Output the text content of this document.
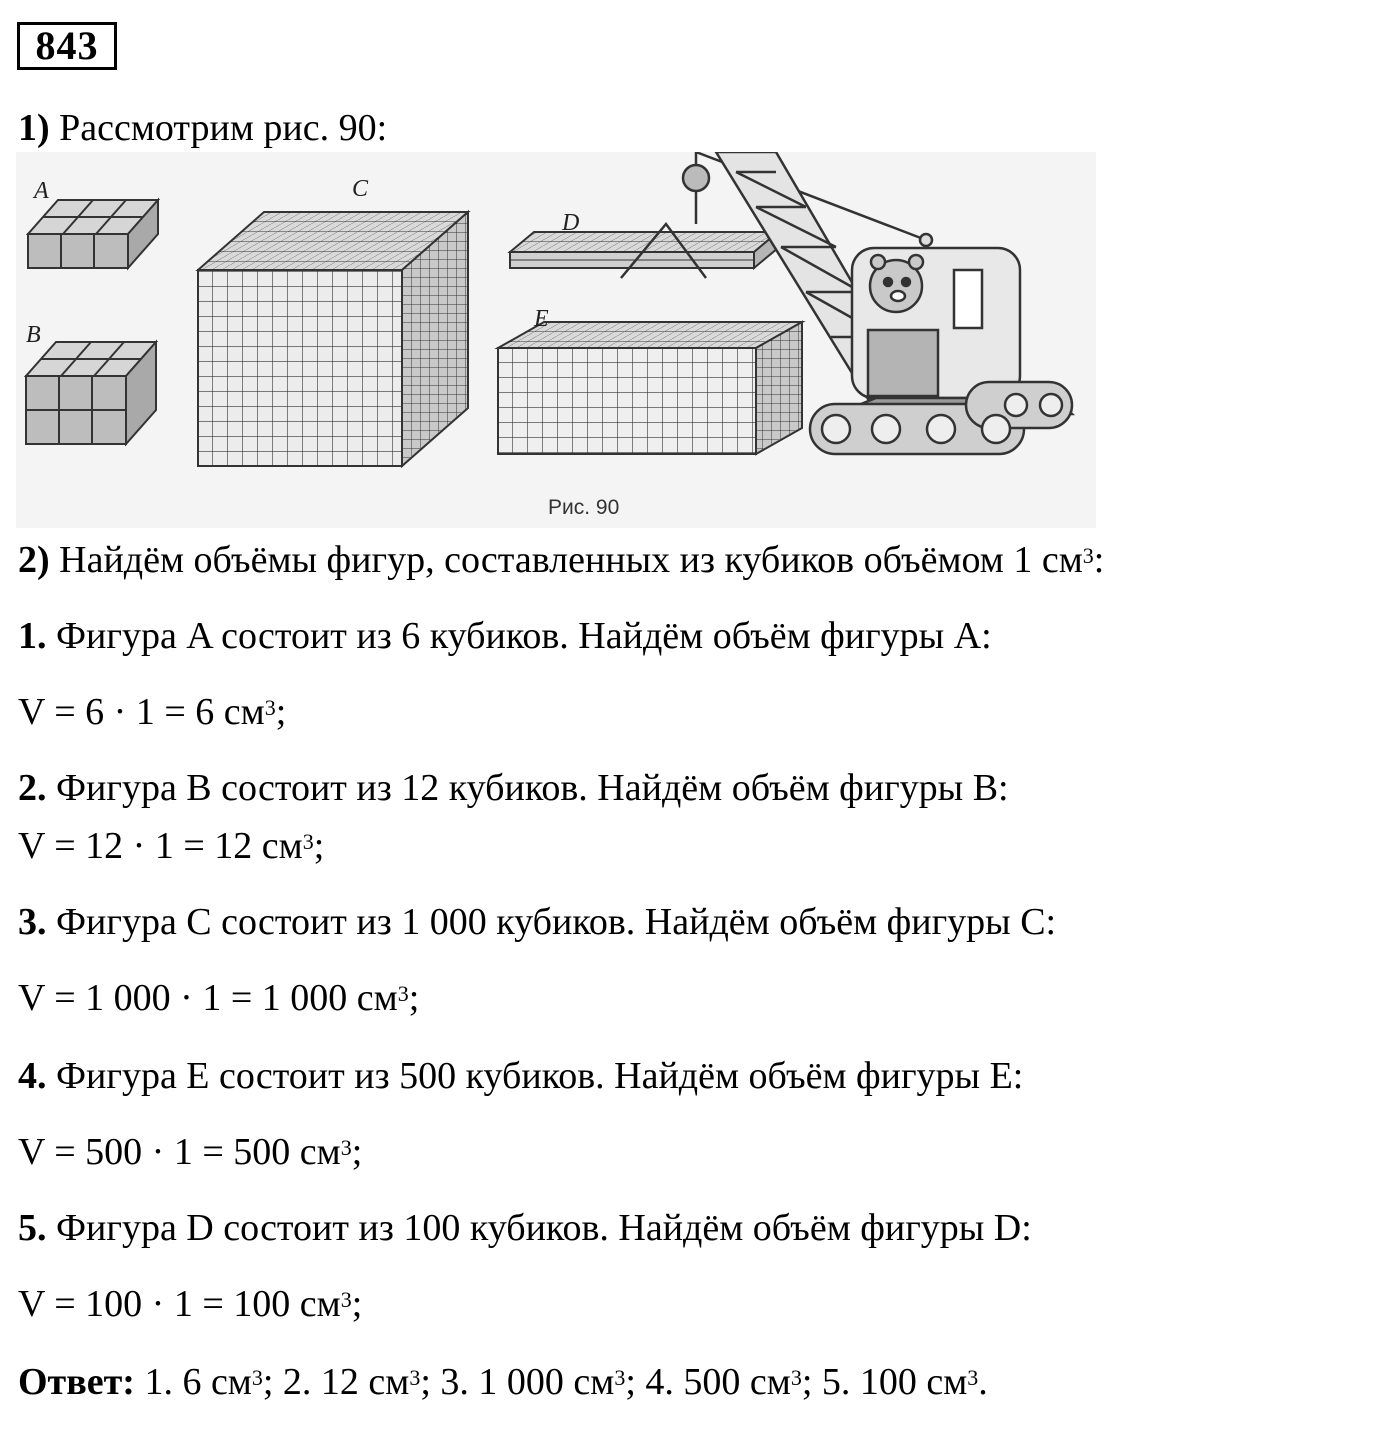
843
1) Рассмотрим рис. 90:
A
B
C
E
D
Рис. 90
2) Найдём объёмы фигур, составленных из кубиков объёмом 1 $см^3$:
1. Фигура A состоит из 6 кубиков. Найдём объём фигуры A:
V = 6 · 1 = 6 $см^3$;
2. Фигура B состоит из 12 кубиков. Найдём объём фигуры B:
V = 12 · 1 = 12 $см^3$;
3. Фигура C состоит из 1 000 кубиков. Найдём объём фигуры C:
V = 1 000 · 1 = 1 000 $см^3$;
4. Фигура E состоит из 500 кубиков. Найдём объём фигуры E:
V = 500 · 1 = 500 $см^3$;
5. Фигура D состоит из 100 кубиков. Найдём объём фигуры D:
V = 100 · 1 = 100 $см^3$;
Ответ: 1. 6 $см^3$; 2. 12 $см^3$; 3. 1 000 $см^3$; 4. 500 $см^3$; 5. 100 $см^3$.
